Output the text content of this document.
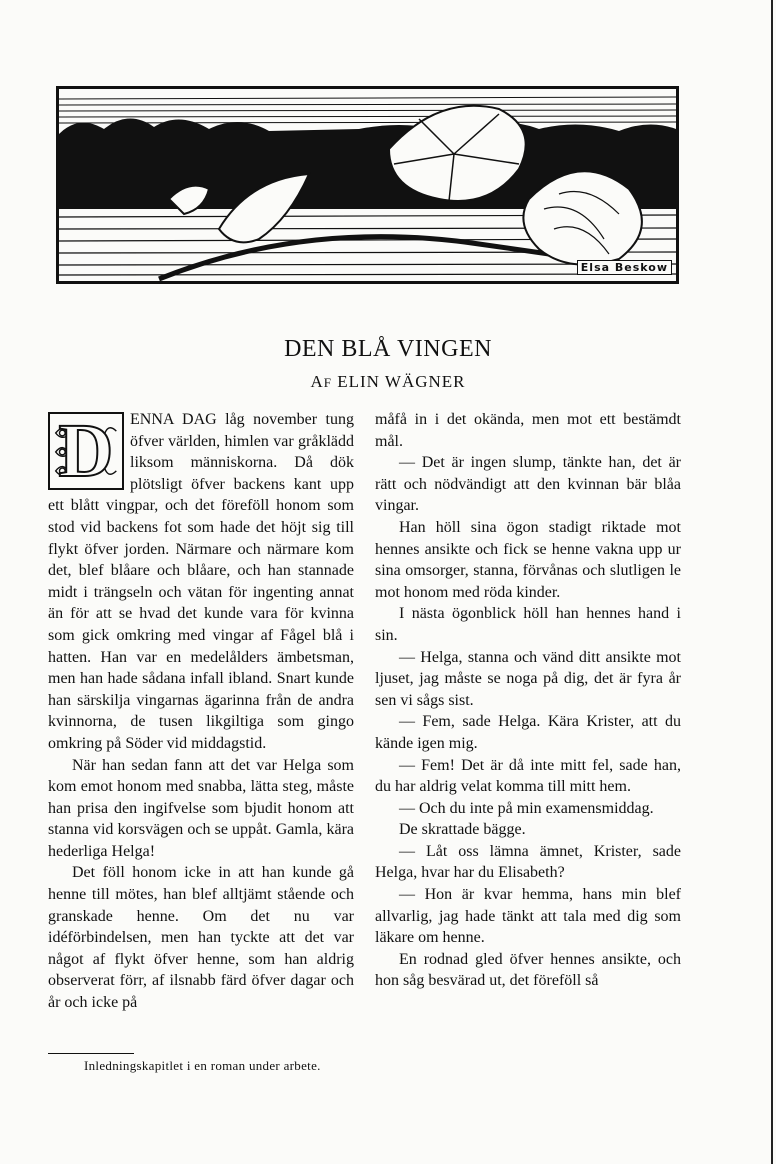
Elsa Beskow
DEN BLÅ VINGEN

AF ELIN WÄGNER

D	ENNA DAG låg november tung öfver världen, himlen var gråklädd liksom människorna. Då dök plötsligt öfver backens kant upp ett blått vingpar, och det föreföll honom som stod vid backens fot som hade det höjt sig till flykt öfver jorden. Närmare och närmare kom det, blef blåare och blåare, och han stannade midt i trängseln och vätan för ingenting annat än för att se hvad det kunde vara för kvinna som gick omkring med vingar af Fågel blå i hatten. Han var en medelålders ämbetsman, men han hade sådana infall ibland. Snart kunde han särskilja vingarnas ägarinna från de andra kvinnorna, de tusen likgiltiga som gingo omkring på Söder vid middagstid.

När han sedan fann att det var Helga som kom emot honom med snabba, lätta steg, måste han prisa den ingifvelse som bjudit honom att stanna vid korsvägen och se uppåt. Gamla, kära hederliga Helga!

Det föll honom icke in att han kunde gå henne till mötes, han blef alltjämt stående och granskade henne. Om det nu var idéförbindelsen, men han tyckte att det var något af flykt öfver henne, som han aldrig observerat förr, af ilsnabb färd öfver dagar och år och icke på

måfå in i det okända, men mot ett bestämdt mål.

— Det är ingen slump, tänkte han, det är rätt och nödvändigt att den kvinnan bär blåa vingar.

Han höll sina ögon stadigt riktade mot hennes ansikte och fick se henne vakna upp ur sina omsorger, stanna, förvånas och slutligen le mot honom med röda kinder.

I nästa ögonblick höll han hennes hand i sin.

— Helga, stanna och vänd ditt ansikte mot ljuset, jag måste se noga på dig, det är fyra år sen vi sågs sist.

— Fem, sade Helga. Kära Krister, att du kände igen mig.

— Fem! Det är då inte mitt fel, sade han, du har aldrig velat komma till mitt hem.

— Och du inte på min examensmiddag.

De skrattade bägge.

— Låt oss lämna ämnet, Krister, sade Helga, hvar har du Elisabeth?

— Hon är kvar hemma, hans min blef allvarlig, jag hade tänkt att tala med dig som läkare om henne.

En rodnad gled öfver hennes ansikte, och hon såg besvärad ut, det föreföll så

Inledningskapitlet i en roman under arbete.
